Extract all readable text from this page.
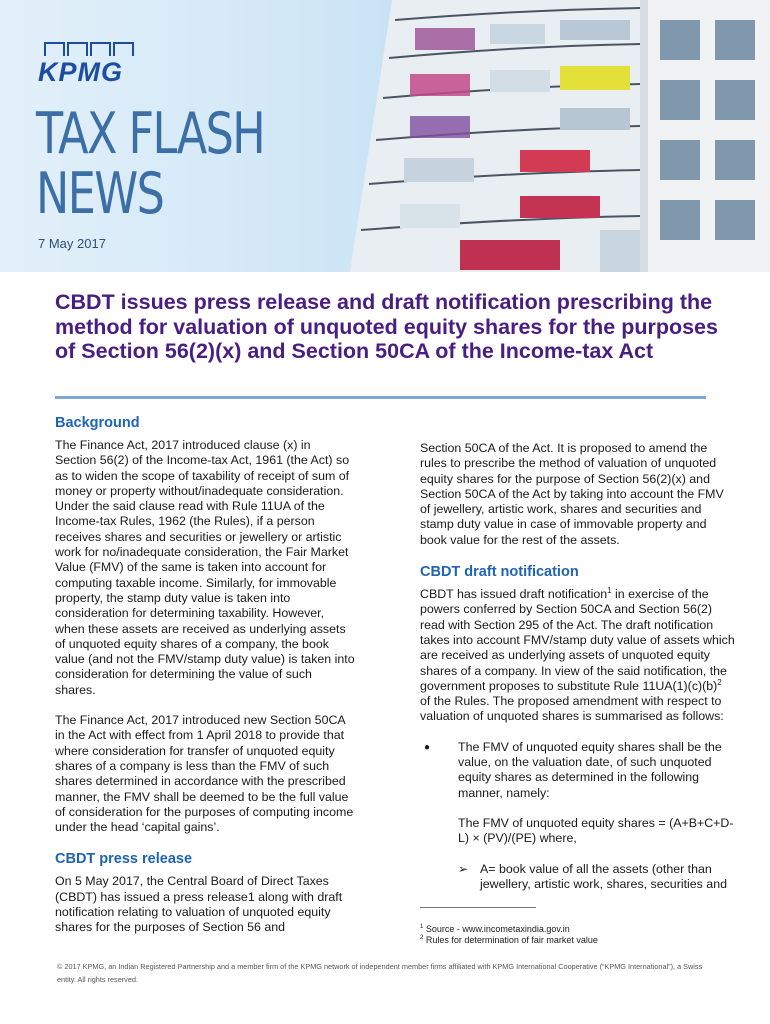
KPMG
TAX FLASH
NEWS
7 May 2017
CBDT issues press release and draft notification prescribing the method for valuation of unquoted equity shares for the purposes of Section 56(2)(x) and Section 50CA of the Income-tax Act
Background

The Finance Act, 2017 introduced clause (x) in Section 56(2) of the Income-tax Act, 1961 (the Act) so as to widen the scope of taxability of receipt of sum of money or property without/inadequate consideration. Under the said clause read with Rule 11UA of the Income-tax Rules, 1962 (the Rules), if a person receives shares and securities or jewellery or artistic work for no/inadequate consideration, the Fair Market Value (FMV) of the same is taken into account for computing taxable income. Similarly, for immovable property, the stamp duty value is taken into consideration for determining taxability. However, when these assets are received as underlying assets of unquoted equity shares of a company, the book value (and not the FMV/stamp duty value) is taken into consideration for determining the value of such shares.

The Finance Act, 2017 introduced new Section 50CA in the Act with effect from 1 April 2018 to provide that where consideration for transfer of unquoted equity shares of a company is less than the FMV of such shares determined in accordance with the prescribed manner, the FMV shall be deemed to be the full value of consideration for the purposes of computing income under the head ‘capital gains’.

CBDT press release

On 5 May 2017, the Central Board of Direct Taxes (CBDT) has issued a press release1 along with draft notification relating to valuation of unquoted equity shares for the purposes of Section 56 and

Section 50CA of the Act. It is proposed to amend the rules to prescribe the method of valuation of unquoted equity shares for the purpose of Section 56(2)(x) and Section 50CA of the Act by taking into account the FMV of jewellery, artistic work, shares and securities and stamp duty value in case of immovable property and book value for the rest of the assets.

CBDT draft notification

CBDT has issued draft notification$^1$ in exercise of the powers conferred by Section 50CA and Section 56(2) read with Section 295 of the Act. The draft notification takes into account FMV/stamp duty value of assets which are received as underlying assets of unquoted equity shares of a company. In view of the said notification, the government proposes to substitute Rule $11UA(1)(c)(b)^2$ of the Rules. The proposed amendment with respect to valuation of unquoted shares is summarised as follows:

● The FMV of unquoted equity shares shall be the value, on the valuation date, of such unquoted equity shares as determined in the following manner, namely:
The FMV of unquoted equity shares = (A+B+C+D-L) × (PV)/(PE) where,
➢ A= book value of all the assets (other than jewellery, artistic work, shares, securities and
$^1$ Source - www.incometaxindia.gov.in
$^2$ Rules for determination of fair market value
© 2017 KPMG, an Indian Registered Partnership and a member firm of the KPMG network of independent member firms affiliated with KPMG International Cooperative (“KPMG International”), a Swiss entity. All rights reserved.
